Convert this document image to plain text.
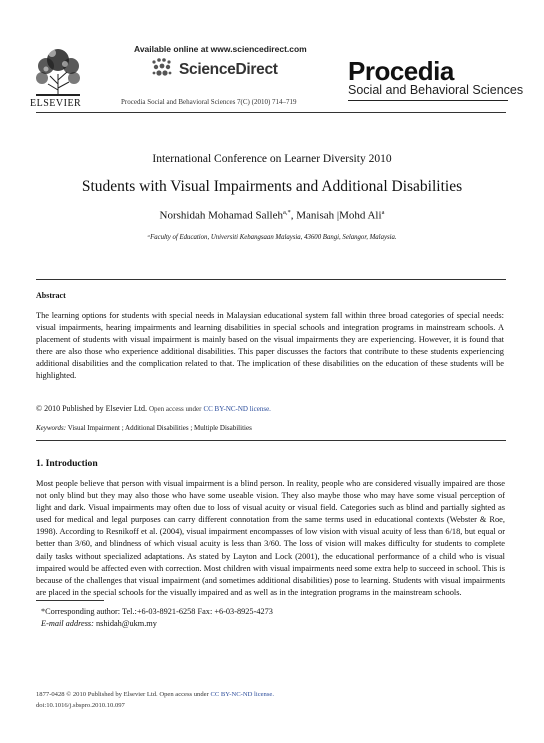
ELSEVIER
Available online at www.sciencedirect.com
ScienceDirect
Procedia Social and Behavioral Sciences 7(C) (2010) 714–719
Procedia
Social and Behavioral Sciences
International Conference on Learner Diversity 2010
Students with Visual Impairments and Additional Disabilities
Norshidah Mohamad Salleh$^{a,*}$, Manisah |Mohd Ali$^a$
ᵃFaculty of Education, Universiti Kebangsaan Malaysia, 43600 Bangi, Selangor, Malaysia.
Abstract
The learning options for students with special needs in Malaysian educational system fall within three broad categories of special needs: visual impairments, hearing impairments and learning disabilities in special schools and integration programs in mainstream schools. A placement of students with visual impairment is mainly based on the visual impairments they are experiencing. However, it is found that there are also those who experience additional disabilities. This paper discusses the factors that contribute to these students experiencing additional disabilities and the complication related to that. The implication of these disabilities on the education of these students will be highlighted.
© 2010 Published by Elsevier Ltd. Open access under CC BY-NC-ND license.
Keywords: Visual Impairment ; Additional Disabilities ; Multiple Disabilities
1. Introduction
Most people believe that person with visual impairment is a blind person. In reality, people who are considered visually impaired are those not only blind but they may also those who have some useable vision. They also maybe those who may have some visual perception of light and dark. Visual impairments may often due to loss of visual acuity or visual field. Categories such as blind and partially sighted as used for medical and legal purposes can carry different connotation from the same terms used in educational contexts (Webster & Roe, 1998). According to Resnikoff et al. (2004), visual impairment encompasses of low vision with visual acuity of less than 6/18, but equal or better than 3/60, and blindness of which visual acuity is less than 3/60. The loss of vision will makes difficulty for students to complete daily tasks without specialized adaptations. As stated by Layton and Lock (2001), the educational performance of a child who is visual impaired would be affected even with correction. Most children with visual impairments need some extra help to succeed in school. This is because of the challenges that visual impairment (and sometimes additional disabilities) pose to learning. Students with visual impairments are placed in the special schools for the visually impaired and as well as in the integration programs in the mainstream schools.
*Corresponding author: Tel.:+6-03-8921-6258 Fax: +6-03-8925-4273
E-mail address: nshidah@ukm.my
1877-0428 © 2010 Published by Elsevier Ltd. Open access under CC BY-NC-ND license.
doi:10.1016/j.sbspro.2010.10.097
